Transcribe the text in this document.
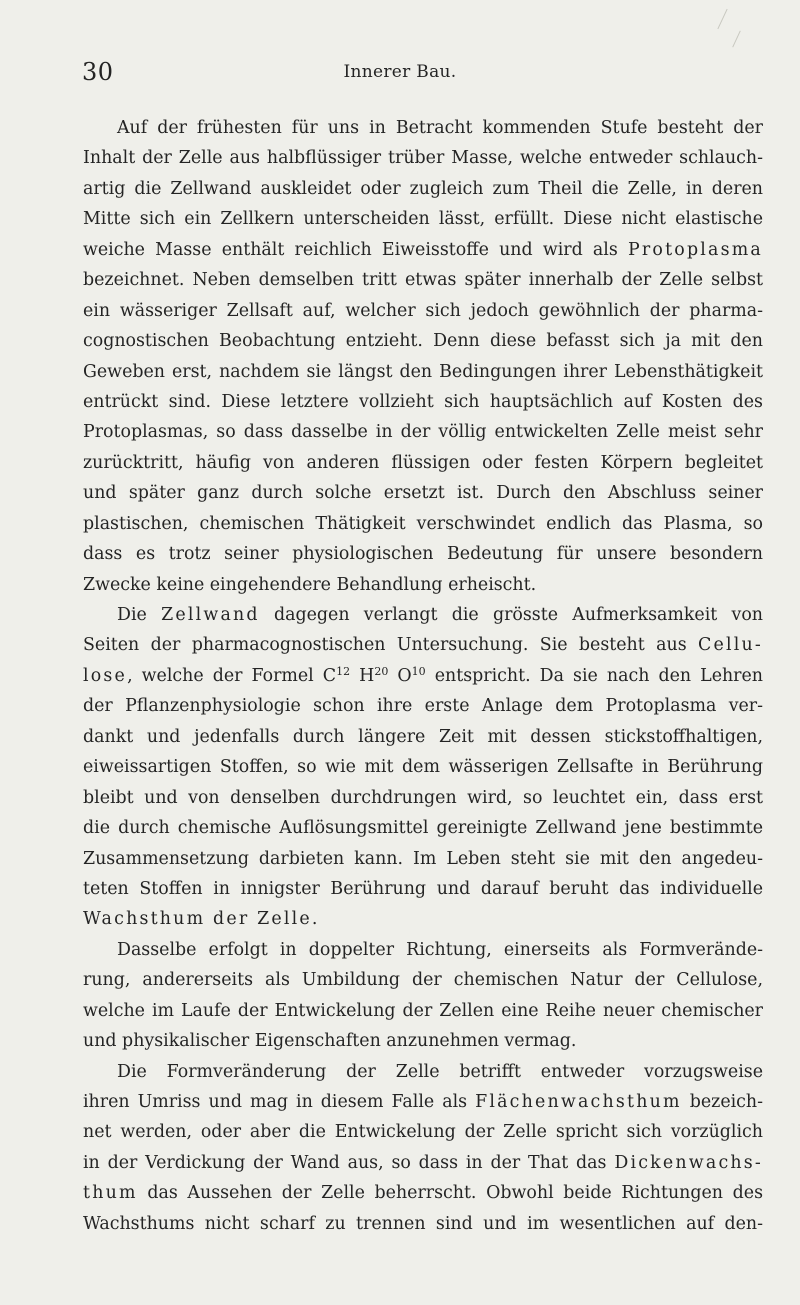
30	Innerer Bau.
Auf der frühesten für uns in Betracht kommenden Stufe besteht der
Inhalt der Zelle aus halbflüssiger trüber Masse, welche entweder schlauch-
artig die Zellwand auskleidet oder zugleich zum Theil die Zelle, in deren
Mitte sich ein Zellkern unterscheiden lässt, erfüllt. Diese nicht elastische
weiche Masse enthält reichlich Eiweisstoffe und wird als Protoplasma
bezeichnet. Neben demselben tritt etwas später innerhalb der Zelle selbst
ein wässeriger Zellsaft auf, welcher sich jedoch gewöhnlich der pharma-
cognostischen Beobachtung entzieht. Denn diese befasst sich ja mit den
Geweben erst, nachdem sie längst den Bedingungen ihrer Lebensthätigkeit
entrückt sind. Diese letztere vollzieht sich hauptsächlich auf Kosten des
Protoplasmas, so dass dasselbe in der völlig entwickelten Zelle meist sehr
zurücktritt, häufig von anderen flüssigen oder festen Körpern begleitet
und später ganz durch solche ersetzt ist. Durch den Abschluss seiner
plastischen, chemischen Thätigkeit verschwindet endlich das Plasma, so
dass es trotz seiner physiologischen Bedeutung für unsere besondern
Zwecke keine eingehendere Behandlung erheischt.
Die Zellwand dagegen verlangt die grösste Aufmerksamkeit von
Seiten der pharmacognostischen Untersuchung. Sie besteht aus Cellu-
lose, welche der Formel $C^{12}$ $H^{20}$ $O^{10}$ entspricht. Da sie nach den Lehren
der Pflanzenphysiologie schon ihre erste Anlage dem Protoplasma ver-
dankt und jedenfalls durch längere Zeit mit dessen stickstoffhaltigen,
eiweissartigen Stoffen, so wie mit dem wässerigen Zellsafte in Berührung
bleibt und von denselben durchdrungen wird, so leuchtet ein, dass erst
die durch chemische Auflösungsmittel gereinigte Zellwand jene bestimmte
Zusammensetzung darbieten kann. Im Leben steht sie mit den angedeu-
teten Stoffen in innigster Berührung und darauf beruht das individuelle
Wachsthum der Zelle.
Dasselbe erfolgt in doppelter Richtung, einerseits als Formverände-
rung, andererseits als Umbildung der chemischen Natur der Cellulose,
welche im Laufe der Entwickelung der Zellen eine Reihe neuer chemischer
und physikalischer Eigenschaften anzunehmen vermag.
Die Formveränderung der Zelle betrifft entweder vorzugsweise
ihren Umriss und mag in diesem Falle als Flächenwachsthum bezeich-
net werden, oder aber die Entwickelung der Zelle spricht sich vorzüglich
in der Verdickung der Wand aus, so dass in der That das Dickenwachs-
thum das Aussehen der Zelle beherrscht. Obwohl beide Richtungen des
Wachsthums nicht scharf zu trennen sind und im wesentlichen auf den-
